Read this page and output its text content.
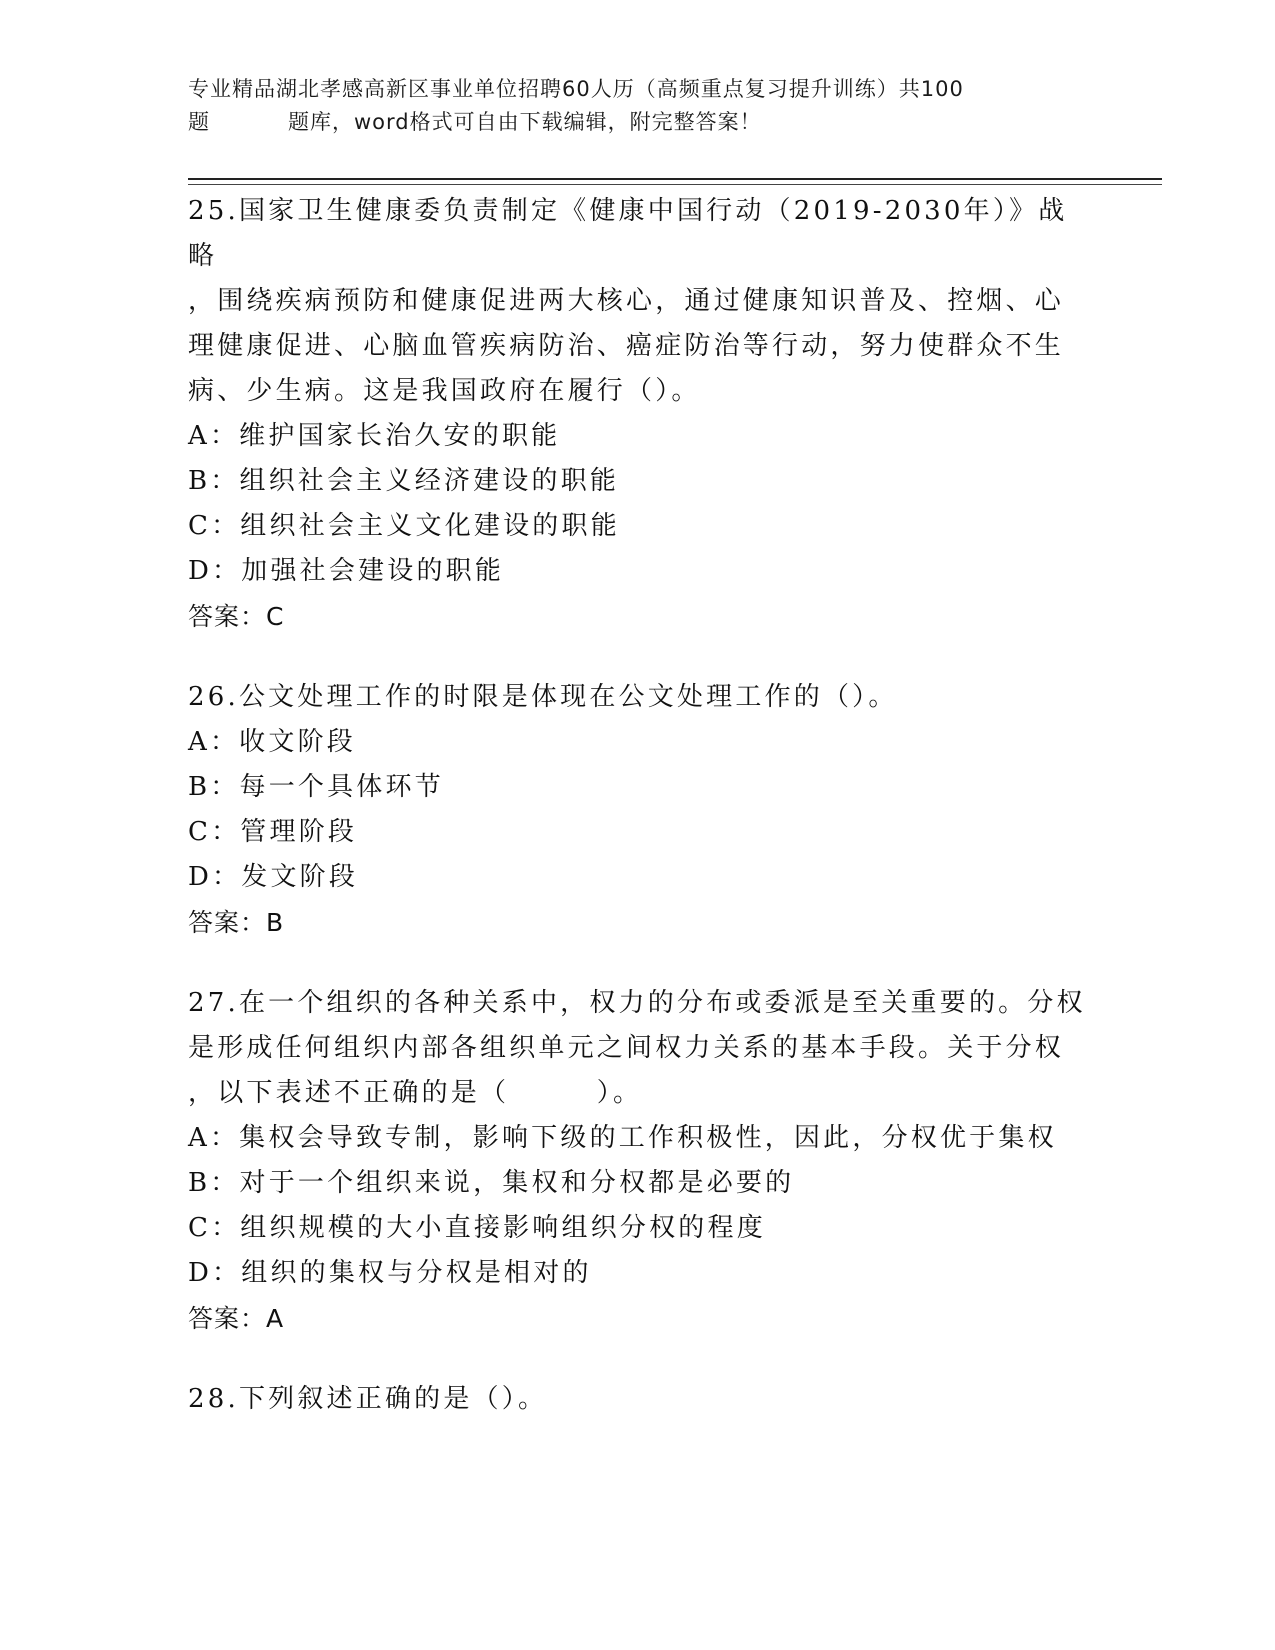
专业精品湖北孝感高新区事业单位招聘60人历（高频重点复习提升训练）共100
题	题库，word格式可自由下载编辑，附完整答案！

25.国家卫生健康委负责制定《健康中国行动（2019-2030年）》战略

，围绕疾病预防和健康促进两大核心，通过健康知识普及、控烟、心

理健康促进、心脑血管疾病防治、癌症防治等行动，努力使群众不生

病、少生病。这是我国政府在履行（）。

A：维护国家长治久安的职能

B：组织社会主义经济建设的职能

C：组织社会主义文化建设的职能

D：加强社会建设的职能

答案：C

26.公文处理工作的时限是体现在公文处理工作的（）。

A：收文阶段

B：每一个具体环节

C：管理阶段

D：发文阶段

答案：B

27.在一个组织的各种关系中，权力的分布或委派是至关重要的。分权

是形成任何组织内部各组织单元之间权力关系的基本手段。关于分权

，以下表述不正确的是（　　　）。

A：集权会导致专制，影响下级的工作积极性，因此，分权优于集权

B：对于一个组织来说，集权和分权都是必要的

C：组织规模的大小直接影响组织分权的程度

D：组织的集权与分权是相对的

答案：A

28.下列叙述正确的是（）。
